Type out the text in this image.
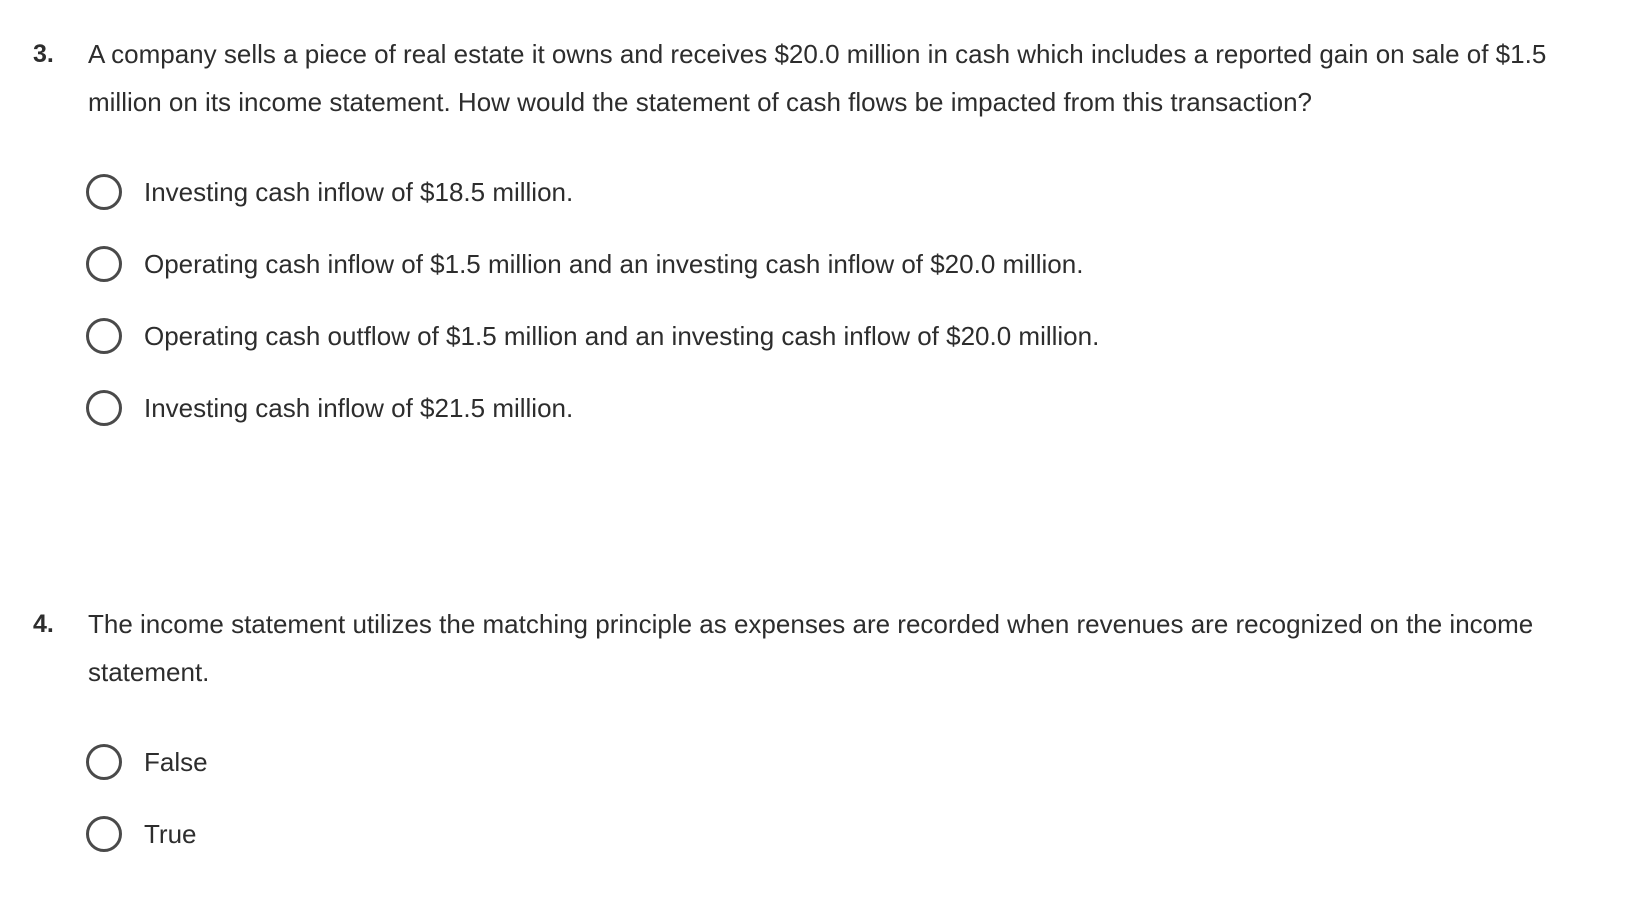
3. A company sells a piece of real estate it owns and receives $20.0 million in cash which includes a reported gain on sale of $1.5 million on its income statement. How would the statement of cash flows be impacted from this transaction?
Investing cash inflow of $18.5 million.
Operating cash inflow of $1.5 million and an investing cash inflow of $20.0 million.
Operating cash outflow of $1.5 million and an investing cash inflow of $20.0 million.
Investing cash inflow of $21.5 million.
4. The income statement utilizes the matching principle as expenses are recorded when revenues are recognized on the income statement.
False
True
